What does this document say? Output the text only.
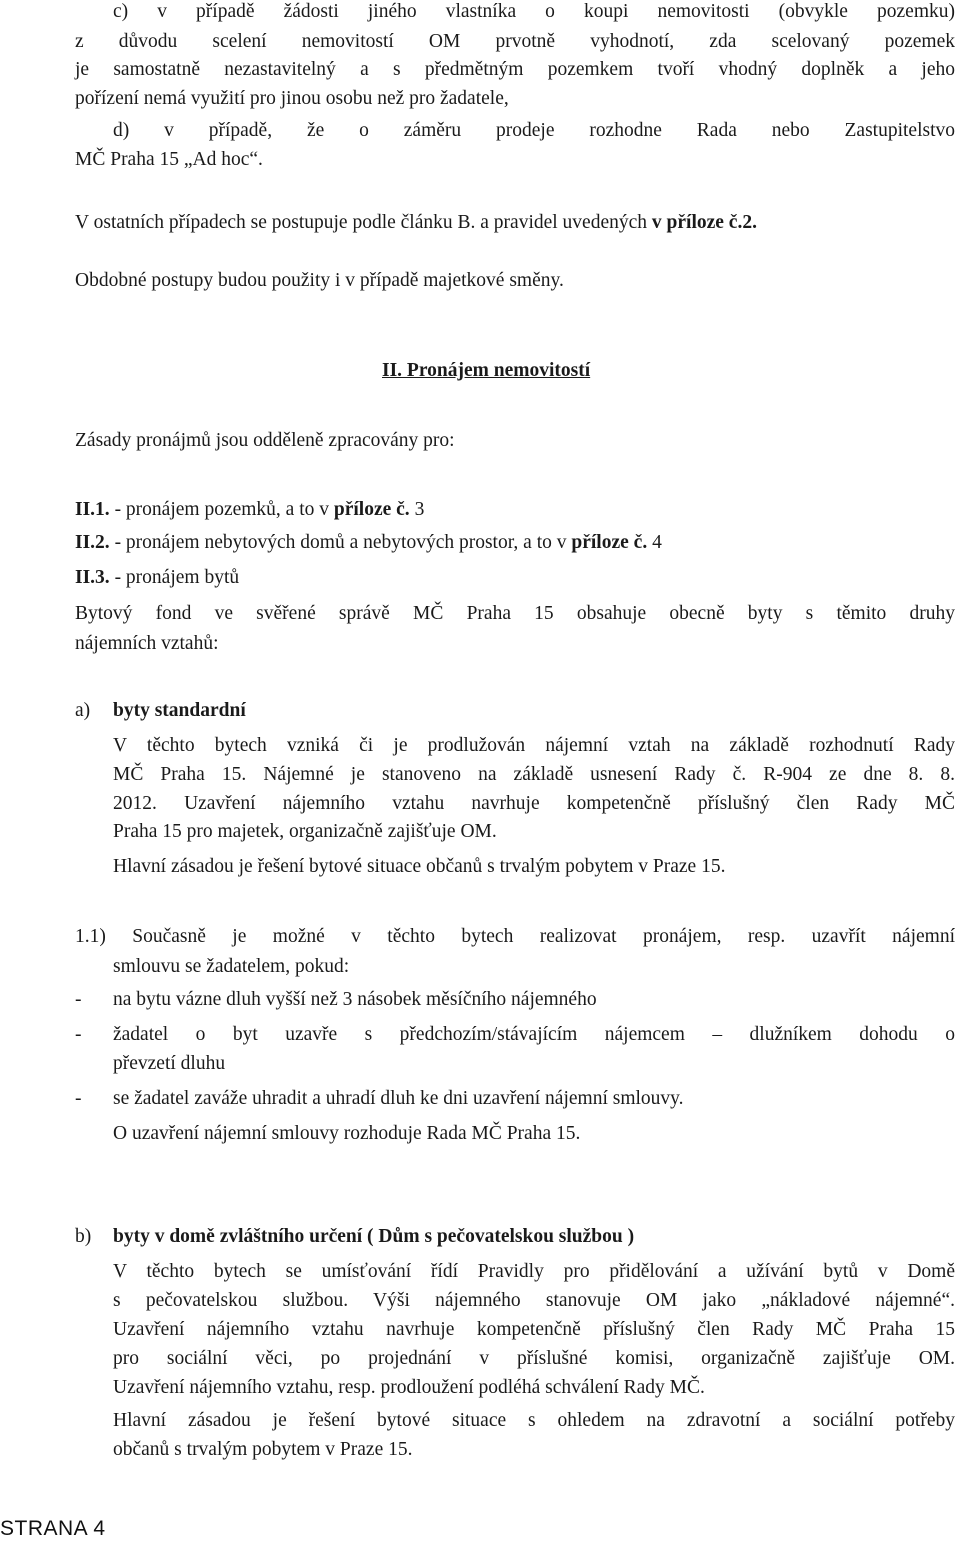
c) v případě žádosti jiného vlastníka o koupi nemovitosti (obvykle pozemku)
z důvodu scelení nemovitostí OM prvotně vyhodnotí, zda scelovaný pozemek
je samostatně nezastavitelný a s předmětným pozemkem tvoří vhodný doplněk a jeho
pořízení nemá využití pro jinou osobu než pro žadatele,
d) v případě, že o záměru prodeje rozhodne Rada nebo Zastupitelstvo
MČ Praha 15 „Ad hoc“.
V ostatních případech se postupuje podle článku B. a pravidel uvedených v příloze č.2.
Obdobné postupy budou použity i v případě majetkové směny.
II. Pronájem nemovitostí
Zásady pronájmů jsou odděleně zpracovány pro:
II.1. - pronájem pozemků, a to v příloze č. 3
II.2. - pronájem nebytových domů a nebytových prostor, a to v příloze č. 4
II.3. - pronájem bytů
Bytový fond ve svěřené správě MČ Praha 15 obsahuje obecně byty s těmito druhy
nájemních vztahů:
a) byty standardní
V těchto bytech vzniká či je prodlužován nájemní vztah na základě rozhodnutí Rady
MČ Praha 15. Nájemné je stanoveno na základě usnesení Rady č. R-904 ze dne 8. 8.
2012. Uzavření nájemního vztahu navrhuje kompetenčně příslušný člen Rady MČ
Praha 15 pro majetek, organizačně zajišťuje OM.
Hlavní zásadou je řešení bytové situace občanů s trvalým pobytem v Praze 15.
1.1) Současně je možné v těchto bytech realizovat pronájem, resp. uzavřít nájemní
smlouvu se žadatelem, pokud:
- na bytu vázne dluh vyšší než 3 násobek měsíčního nájemného
- žadatel o byt uzavře s předchozím/stávajícím nájemcem – dlužníkem dohodu o
převzetí dluhu
- se žadatel zaváže uhradit a uhradí dluh ke dni uzavření nájemní smlouvy.
O uzavření nájemní smlouvy rozhoduje Rada MČ Praha 15.
b) byty v domě zvláštního určení ( Dům s pečovatelskou službou )
V těchto bytech se umísťování řídí Pravidly pro přidělování a užívání bytů v Domě
s pečovatelskou službou. Výši nájemného stanovuje OM jako „nákladové nájemné“.
Uzavření nájemního vztahu navrhuje kompetenčně příslušný člen Rady MČ Praha 15
pro sociální věci, po projednání v příslušné komisi, organizačně zajišťuje OM.
Uzavření nájemního vztahu, resp. prodloužení podléhá schválení Rady MČ.
Hlavní zásadou je řešení bytové situace s ohledem na zdravotní a sociální potřeby
občanů s trvalým pobytem v Praze 15.
STRANA 4
